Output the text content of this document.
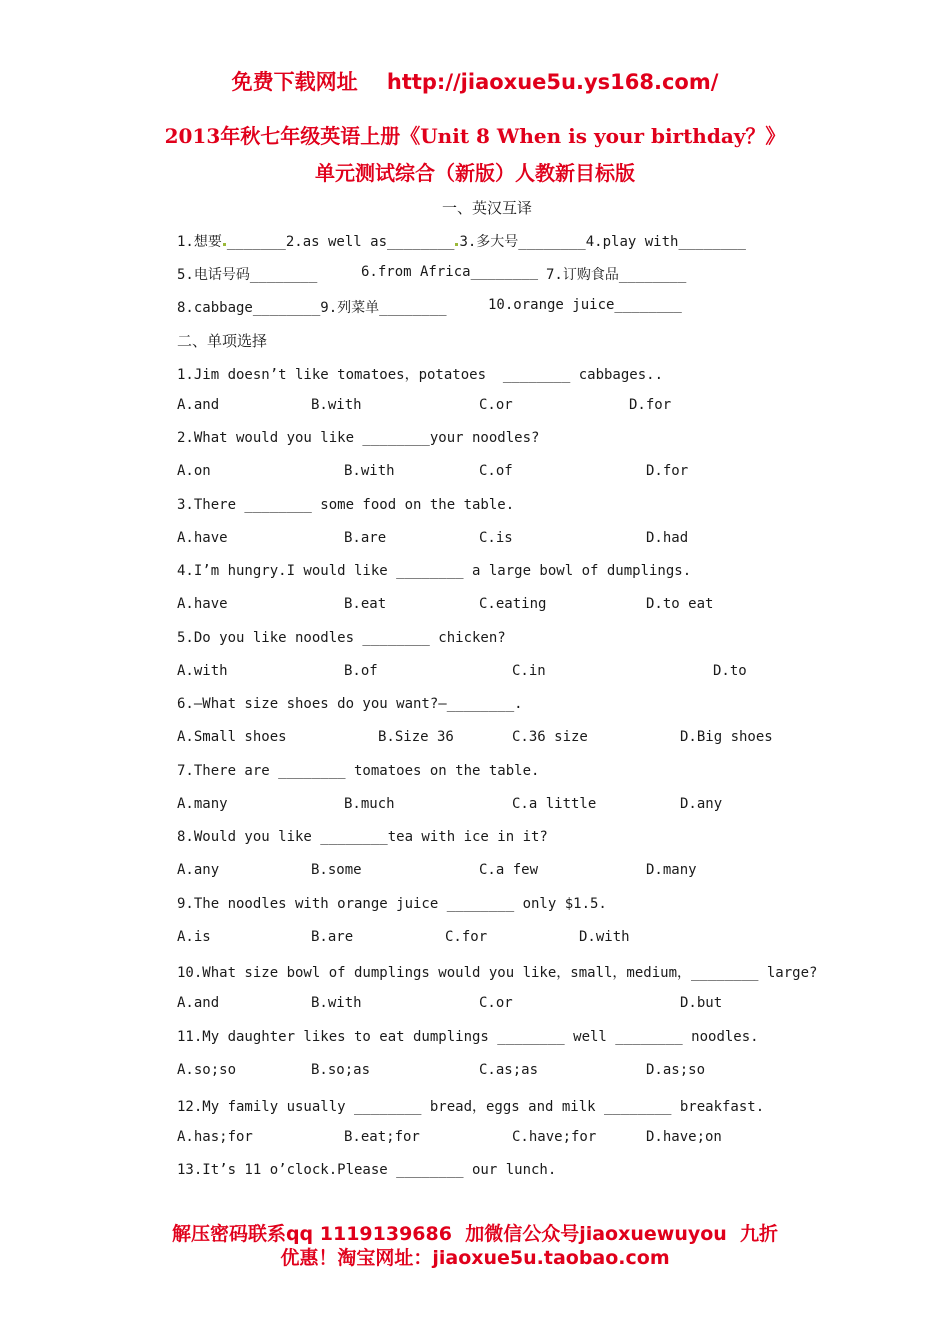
免费下载网址 http://jiaoxue5u.ys168.com/
2013年秋七年级英语上册《Unit 8 When is your birthday？》
单元测试综合（新版）人教新目标版
一、英汉互译
1.想要 _______2.as well as________ 3.多大号________4.play with________
5.电话号码________	6.from Africa________ 7.订购食品________
8.cabbage________9.列菜单________	10.orange juice________
二、单项选择
1.Jim doesn’t like tomatoes，potatoes  ________ cabbages..
A.and	B.with	C.or	D.for
2.What would you like ________your noodles?
A.on	B.with	C.of	D.for
3.There ________ some food on the table.
A.have	B.are	C.is	D.had
4.I’m hungry.I would like ________ a large bowl of dumplings.
A.have	B.eat	C.eating	D.to eat
5.Do you like noodles ________ chicken?
A.with	B.of	C.in	D.to
6.—What size shoes do you want?—________.
A.Small shoes	B.Size 36	C.36 size	D.Big shoes
7.There are ________ tomatoes on the table.
A.many	B.much	C.a little	D.any
8.Would you like ________tea with ice in it?
A.any	B.some	C.a few	D.many
9.The noodles with orange juice ________ only $1.5.
A.is	B.are	C.for	D.with
10.What size bowl of dumplings would you like，small，medium，________ large?
A.and	B.with	C.or	D.but
11.My daughter likes to eat dumplings ________ well ________ noodles.
A.so;so	B.so;as	C.as;as	D.as;so
12.My family usually ________ bread，eggs and milk ________ breakfast.
A.has;for	B.eat;for	C.have;for	D.have;on
13.It’s 11 o’clock.Please ________ our lunch.
解压密码联系qq 1119139686  加微信公众号jiaoxuewuyou  九折
优惠！淘宝网址：jiaoxue5u.taobao.com
